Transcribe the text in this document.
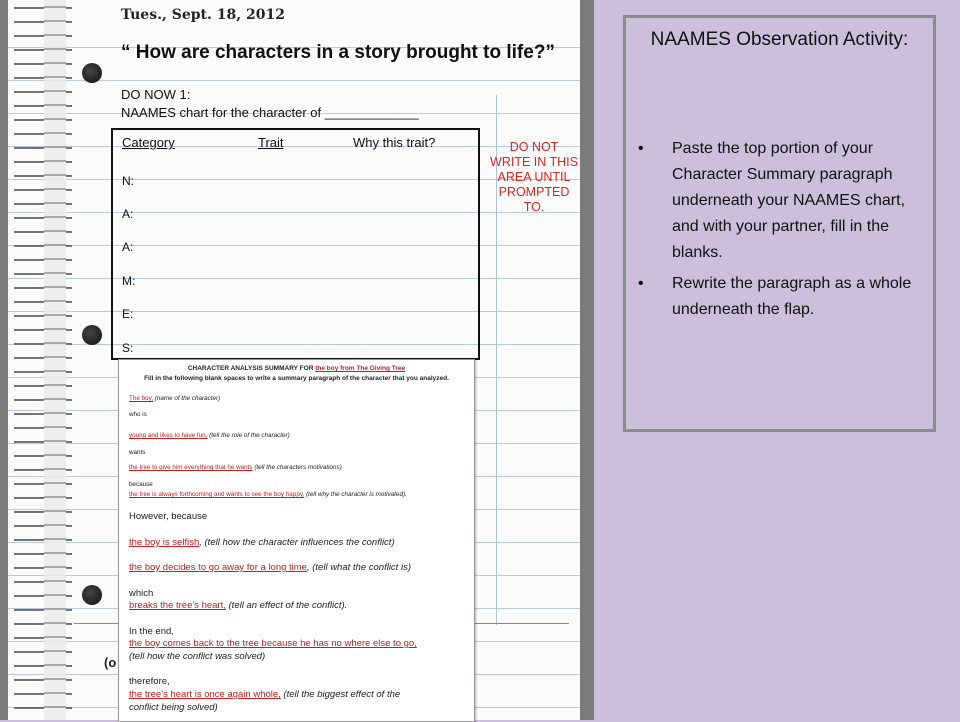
Tues., Sept. 18, 2012
“ How are characters in a story brought to life?”
DO NOW 1:
NAAMES chart for the character of _____________
Category	Trait	Why this trait?
N:
A:
A:
M:
E:
S:
DO NOT WRITE IN THIS AREA UNTIL PROMPTED TO.
(o
CHARACTER ANALYSIS SUMMARY FOR the boy from The Giving Tree
Fill in the following blank spaces to write a summary paragraph of the character that you analyzed.
The boy, (name of the character)
who is
young and likes to have fun, (tell the role of the character)
wants
the tree to give him everything that he wants (tell the characters motivations)
because
the tree is always forthcoming and wants to see the boy happy, (tell why the character is motivated).
However, because
the boy is selfish, (tell how the character influences the conflict)
the boy decides to go away for a long time, (tell what the conflict is)
which
breaks the tree's heart, (tell an effect of the conflict).
In the end,
the boy comes back to the tree because he has no where else to go,
(tell how the conflict was solved)
therefore,
the tree's heart is once again whole, (tell the biggest effect of the
conflict being solved)
NAAMES Observation Activity:
• Paste the top portion of your Character Summary paragraph underneath your NAAMES chart, and with your partner, fill in the blanks.
• Rewrite the paragraph as a whole underneath the flap.
